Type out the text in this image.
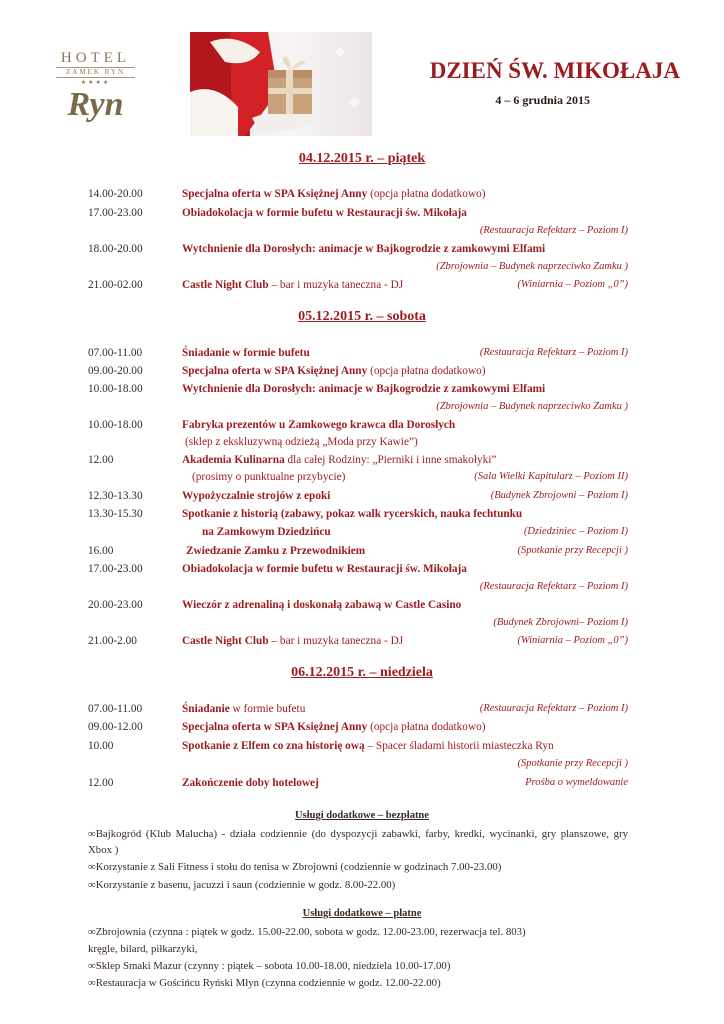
HOTEL
ZAMEK RYN
★★★★
Ryn
DZIEŃ ŚW. MIKOŁAJA
4 – 6 grudnia 2015
04.12.2015 r. – piątek
14.00-20.00	Specjalna oferta w SPA Księżnej Anny (opcja płatna dodatkowo)
17.00-23.00	Obiadokolacja w formie bufetu w Restauracji św. Mikołaja
(Restauracja Refektarz – Poziom I)
18.00-20.00	Wytchnienie dla Dorosłych: animacje w Bajkogrodzie z zamkowymi Elfami
(Zbrojownia – Budynek naprzeciwko Zamku )
21.00-02.00	Castle Night Club – bar i muzyka taneczna - DJ	(Winiarnia – Poziom „0”)
05.12.2015 r. – sobota
07.00-11.00	Śniadanie w formie bufetu	(Restauracja Refektarz – Poziom I)
09.00-20.00	Specjalna oferta w SPA Księżnej Anny (opcja płatna dodatkowo)
10.00-18.00	Wytchnienie dla Dorosłych: animacje w Bajkogrodzie z zamkowymi Elfami
(Zbrojownia – Budynek naprzeciwko Zamku )
10.00-18.00	Fabryka prezentów u Zamkowego krawca dla Dorosłych
(sklep z ekskluzywną odzieżą „Moda przy Kawie”)
12.00	Akademia Kulinarna dla całej Rodziny: „Pierniki i inne smakołyki”
(prosimy o punktualne przybycie)	(Sala Wielki Kapitularz – Poziom II)
12.30-13.30	Wypożyczalnie strojów z epoki	(Budynek Zbrojowni – Poziom I)
13.30-15.30	Spotkanie z historią (zabawy, pokaz walk rycerskich, nauka fechtunku
na Zamkowym Dziedzińcu	(Dziedziniec – Poziom I)
16.00	Zwiedzanie Zamku z Przewodnikiem	(Spotkanie przy Recepcji )
17.00-23.00	Obiadokolacja w formie bufetu w Restauracji św. Mikołaja
(Restauracja Refektarz – Poziom I)
20.00-23.00	Wieczór z adrenaliną i doskonałą zabawą w Castle Casino
(Budynek Zbrojowni– Poziom I)
21.00-2.00	Castle Night Club – bar i muzyka taneczna - DJ	(Winiarnia – Poziom „0”)
06.12.2015 r. – niedziela
07.00-11.00	Śniadanie w formie bufetu	(Restauracja Refektarz – Poziom I)
09.00-12.00	Specjalna oferta w SPA Księżnej Anny (opcja płatna dodatkowo)
10.00	Spotkanie z Elfem co zna historię ową – Spacer śladami historii miasteczka Ryn
(Spotkanie przy Recepcji )
12.00	Zakończenie doby hotelowej	Prośba o wymeldowanie
Usługi dodatkowe – bezpłatne
∞Bajkogród (Klub Malucha) - działa codziennie (do dyspozycji zabawki, farby, kredki, wycinanki, gry planszowe, gry Xbox )
∞Korzystanie z Sali Fitness i stołu do tenisa w Zbrojowni (codziennie w godzinach 7.00-23.00)
∞Korzystanie z basenu, jacuzzi i saun (codziennie w godz. 8.00-22.00)
Usługi dodatkowe – płatne
∞Zbrojownia (czynna : piątek w godz. 15.00-22.00, sobota w godz. 12.00-23.00, rezerwacja tel. 803)
kręgle, bilard, piłkarzyki,
∞Sklep Smaki Mazur (czynny : piątek – sobota 10.00-18.00, niedziela 10.00-17.00)
∞Restauracja w Gościńcu Ryński Młyn (czynna codziennie w godz. 12.00-22.00)
